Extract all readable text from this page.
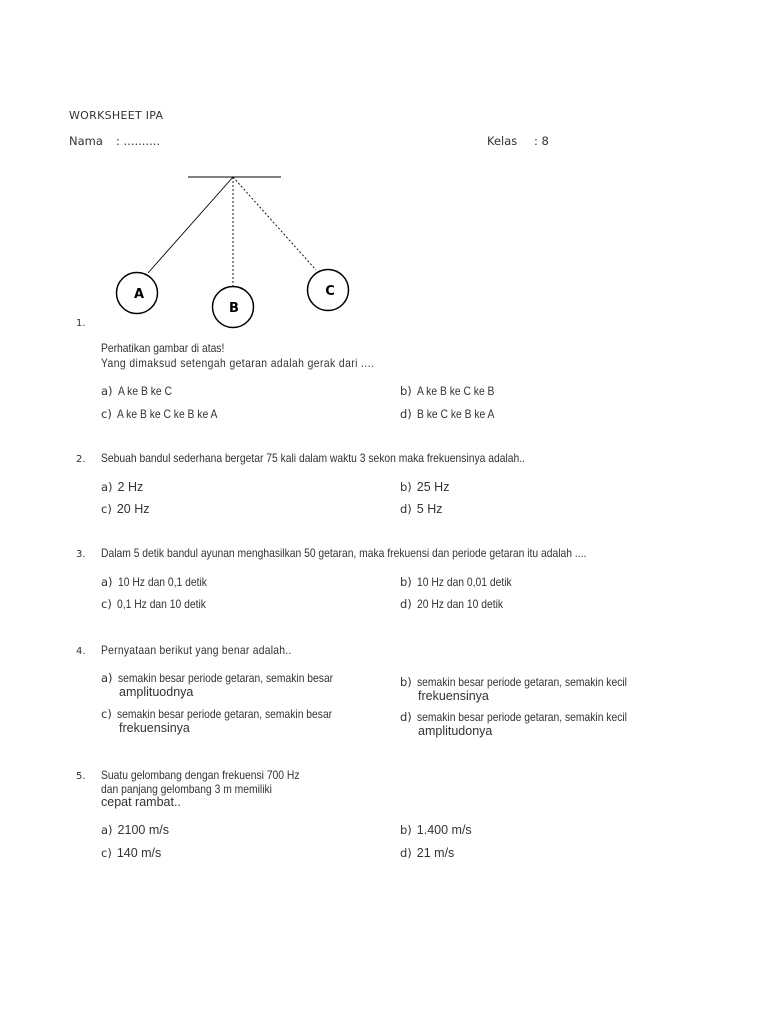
WORKSHEET IPA
Nama : ..........	Kelas : 8
A
B
C
1.
Perhatikan gambar di atas!
Yang dimaksud setengah getaran adalah gerak dari ....
a) A ke B ke C	b) A ke B ke C ke B
c) A ke B ke C ke B ke A	d) B ke C ke B ke A
2. Sebuah bandul sederhana bergetar 75 kali dalam waktu 3 sekon maka frekuensinya adalah..
a) 2 Hz	b) 25 Hz
c) 20 Hz	d) 5 Hz
3. Dalam 5 detik bandul ayunan menghasilkan 50 getaran, maka frekuensi dan periode getaran itu adalah ....
a) 10 Hz dan 0,1 detik	b) 10 Hz dan 0,01 detik
c) 0,1 Hz dan 10 detik	d) 20 Hz dan 10 detik
4. Pernyataan berikut yang benar adalah..
a) semakin besar periode getaran, semakin besar
amplituodnya
b) semakin besar periode getaran, semakin kecil
frekuensinya
c) semakin besar periode getaran, semakin besar
frekuensinya
d) semakin besar periode getaran, semakin kecil
amplitudonya
5. Suatu gelombang dengan frekuensi 700 Hz
dan panjang gelombang 3 m memiliki
cepat rambat..
a) 2100 m/s	b) 1.400 m/s
c) 140 m/s	d) 21 m/s
